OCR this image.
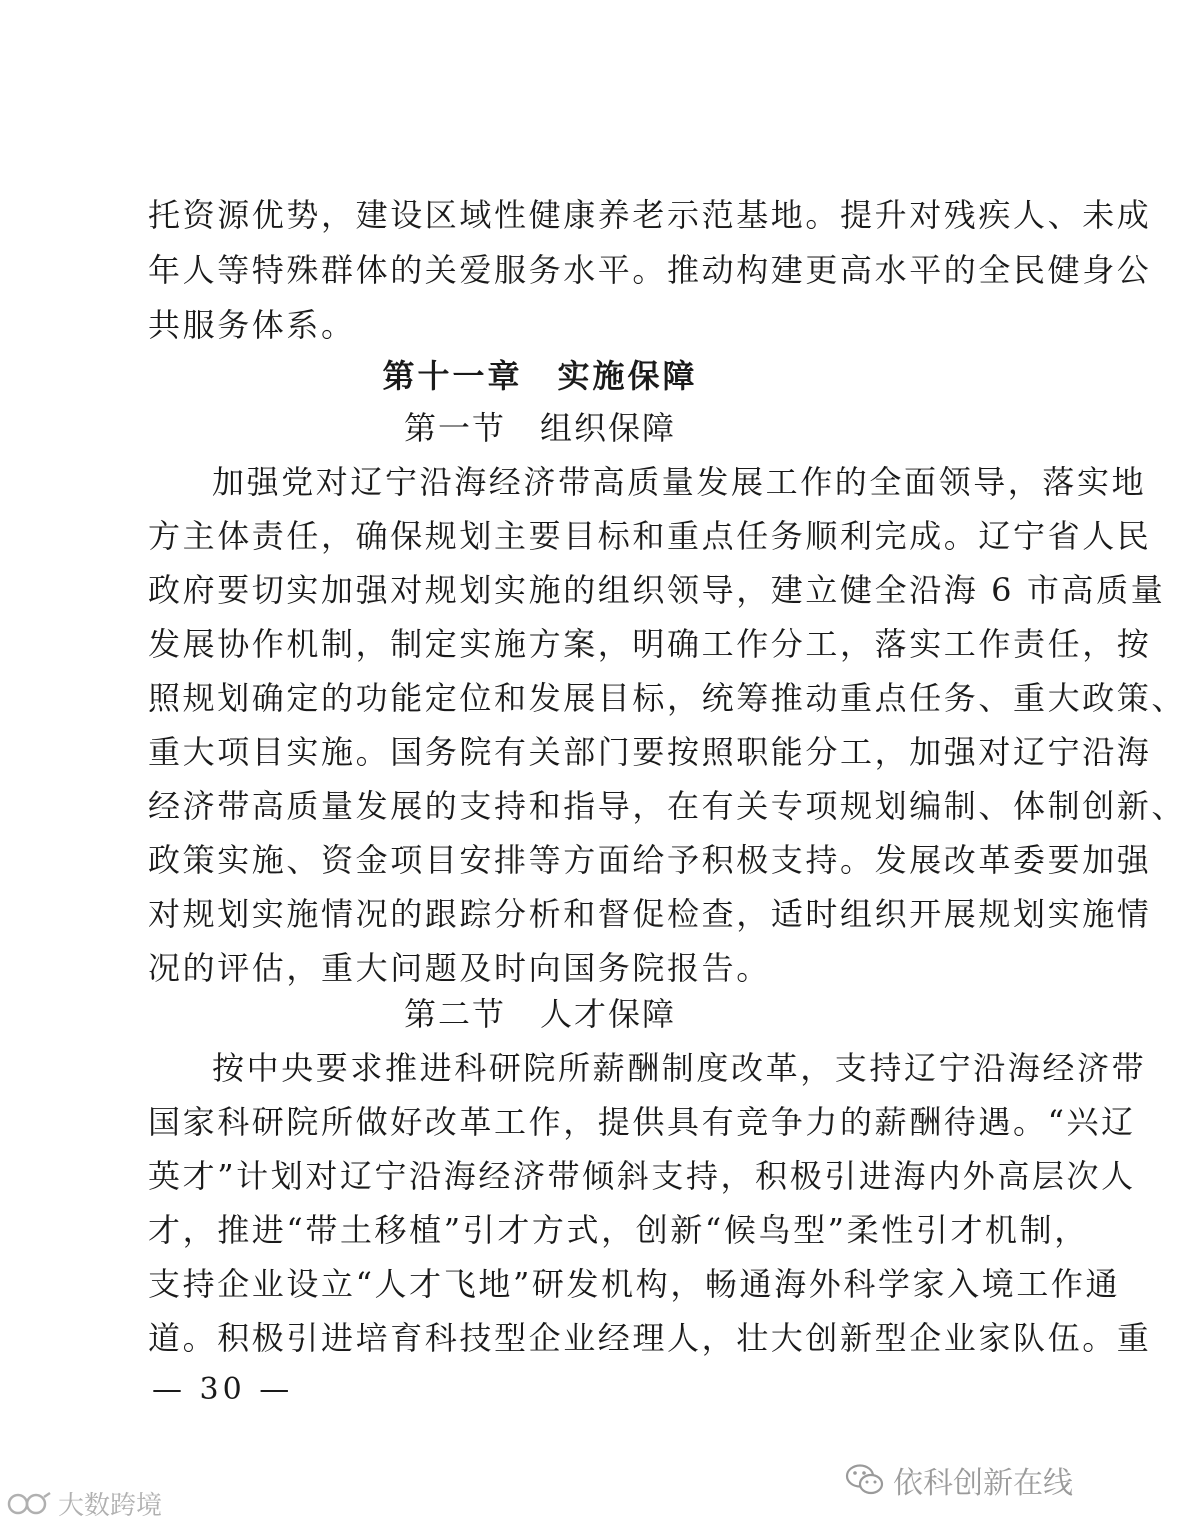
托资源优势，建设区域性健康养老示范基地。提升对残疾人、未成
年人等特殊群体的关爱服务水平。推动构建更高水平的全民健身公
共服务体系。
第十一章　实施保障
第一节　组织保障
加强党对辽宁沿海经济带高质量发展工作的全面领导，落实地
方主体责任，确保规划主要目标和重点任务顺利完成。辽宁省人民
政府要切实加强对规划实施的组织领导，建立健全沿海 6 市高质量
发展协作机制，制定实施方案，明确工作分工，落实工作责任，按
照规划确定的功能定位和发展目标，统筹推动重点任务、重大政策、
重大项目实施。国务院有关部门要按照职能分工，加强对辽宁沿海
经济带高质量发展的支持和指导，在有关专项规划编制、体制创新、
政策实施、资金项目安排等方面给予积极支持。发展改革委要加强
对规划实施情况的跟踪分析和督促检查，适时组织开展规划实施情
况的评估，重大问题及时向国务院报告。
第二节　人才保障
按中央要求推进科研院所薪酬制度改革，支持辽宁沿海经济带
国家科研院所做好改革工作，提供具有竞争力的薪酬待遇。“兴辽
英才”计划对辽宁沿海经济带倾斜支持，积极引进海内外高层次人
才，推进“带土移植”引才方式，创新“候鸟型”柔性引才机制，
支持企业设立“人才飞地”研发机构，畅通海外科学家入境工作通
道。积极引进培育科技型企业经理人，壮大创新型企业家队伍。重
— 30 —
依科创新在线
大数跨境
